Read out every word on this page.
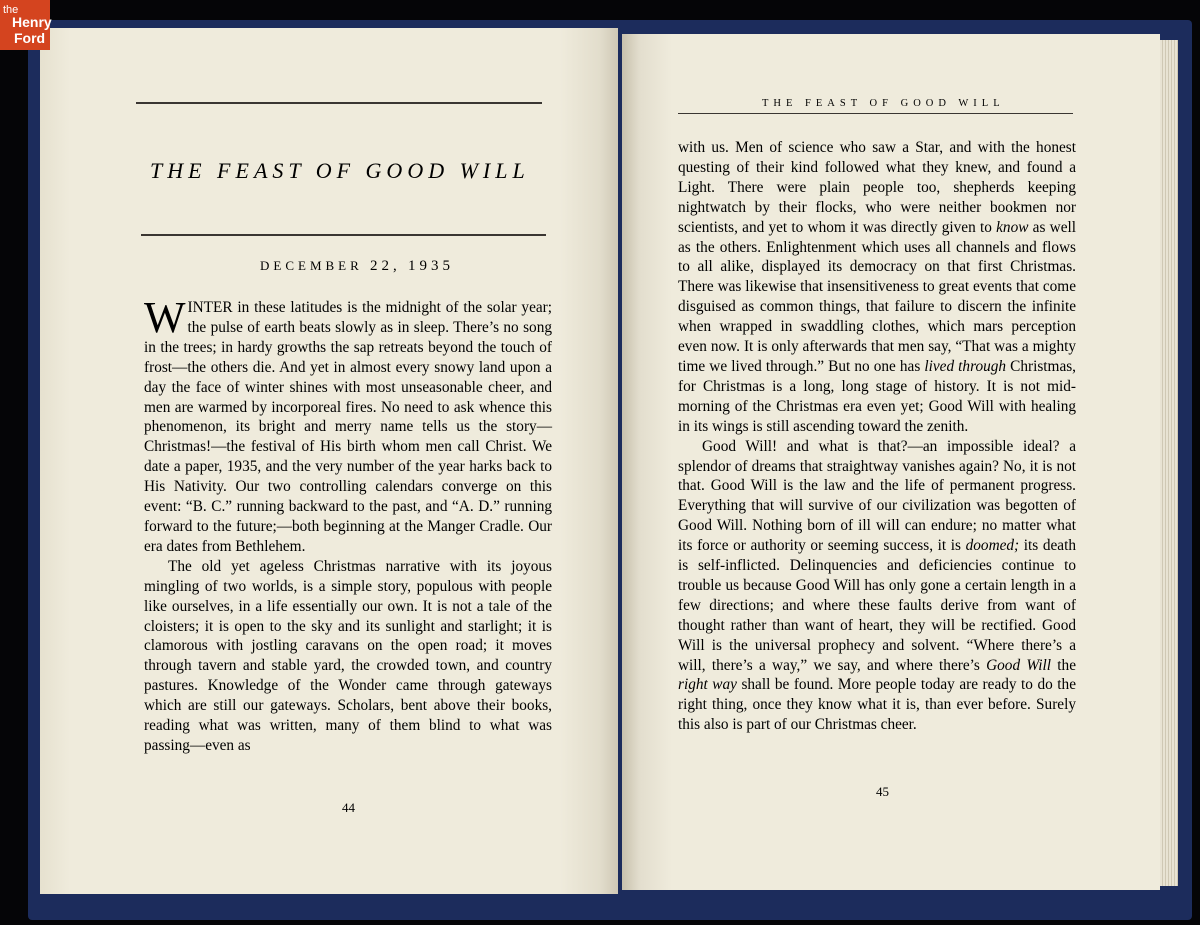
THE FEAST OF GOOD WILL
DECEMBER 22, 1935

WINTER in these latitudes is the midnight of the solar year; the pulse of earth beats slowly as in sleep. There’s no song in the trees; in hardy growths the sap retreats beyond the touch of frost—the others die. And yet in almost every snowy land upon a day the face of winter shines with most unseasonable cheer, and men are warmed by incorporeal fires. No need to ask whence this phenomenon, its bright and merry name tells us the story—Christmas!—the festival of His birth whom men call Christ. We date a paper, 1935, and the very number of the year harks back to His Nativity. Our two controlling calendars converge on this event: “B. C.” running backward to the past, and “A. D.” running forward to the future;—both beginning at the Manger Cradle. Our era dates from Bethlehem.

The old yet ageless Christmas narrative with its joyous mingling of two worlds, is a simple story, populous with people like ourselves, in a life essentially our own. It is not a tale of the cloisters; it is open to the sky and its sunlight and starlight; it is clamorous with jostling caravans on the open road; it moves through tavern and stable yard, the crowded town, and country pastures. Knowledge of the Wonder came through gateways which are still our gateways. Scholars, bent above their books, reading what was written, many of them blind to what was passing—even as

44
THE FEAST OF GOOD WILL

with us. Men of science who saw a Star, and with the honest questing of their kind followed what they knew, and found a Light. There were plain people too, shepherds keeping nightwatch by their flocks, who were neither bookmen nor scientists, and yet to whom it was directly given to know as well as the others. Enlightenment which uses all channels and flows to all alike, displayed its democracy on that first Christmas. There was likewise that insensitiveness to great events that come disguised as common things, that failure to discern the infinite when wrapped in swaddling clothes, which mars perception even now. It is only afterwards that men say, “That was a mighty time we lived through.” But no one has lived through Christmas, for Christmas is a long, long stage of history. It is not mid-morning of the Christmas era even yet; Good Will with healing in its wings is still ascending toward the zenith.

Good Will! and what is that?—an impossible ideal? a splendor of dreams that straightway vanishes again? No, it is not that. Good Will is the law and the life of permanent progress. Everything that will survive of our civilization was begotten of Good Will. Nothing born of ill will can endure; no matter what its force or authority or seeming success, it is doomed; its death is self-inflicted. Delinquencies and deficiencies continue to trouble us because Good Will has only gone a certain length in a few directions; and where these faults derive from want of thought rather than want of heart, they will be rectified. Good Will is the universal prophecy and solvent. “Where there’s a will, there’s a way,” we say, and where there’s Good Will the right way shall be found. More people today are ready to do the right thing, once they know what it is, than ever before. Surely this also is part of our Christmas cheer.

45
the
Henry
Ford
